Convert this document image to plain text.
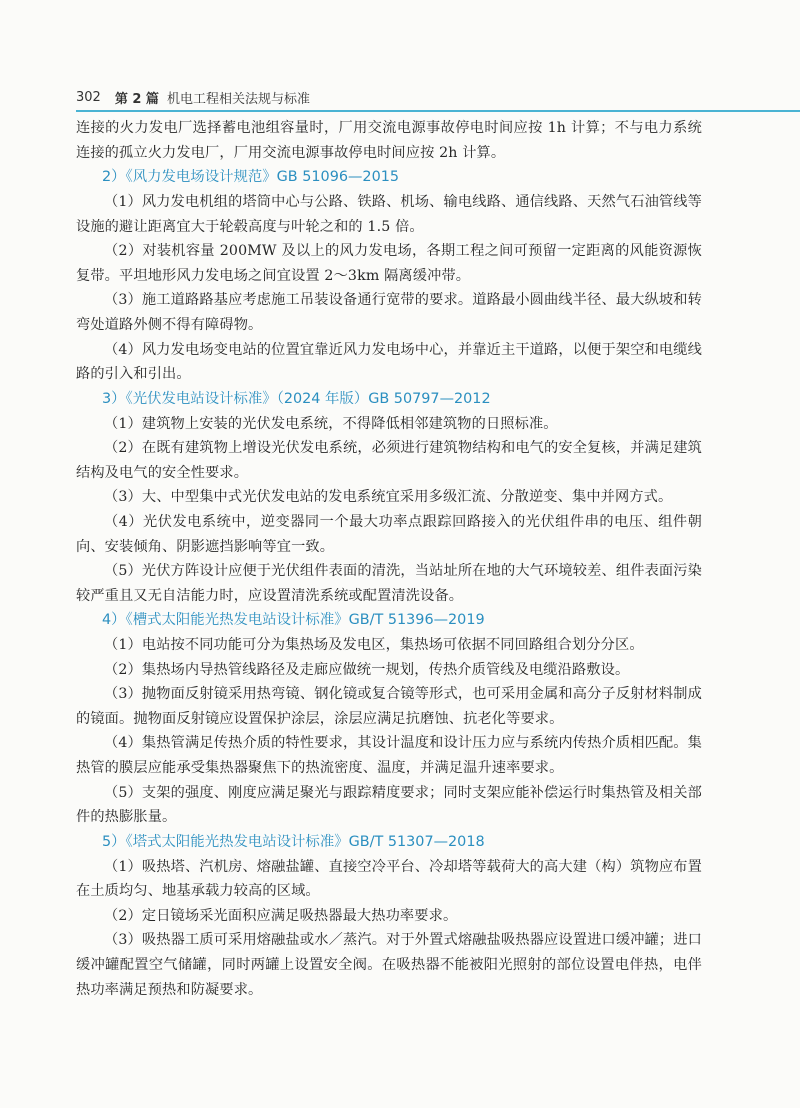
302 第 2 篇 机电工程相关法规与标准

连接的火力发电厂选择蓄电池组容量时，厂用交流电源事故停电时间应按 1h 计算；不与电力系统连接的孤立火力发电厂，厂用交流电源事故停电时间应按 2h 计算。

2）《风力发电场设计规范》GB 51096—2015

（1）风力发电机组的塔筒中心与公路、铁路、机场、输电线路、通信线路、天然气石油管线等设施的避让距离宜大于轮毂高度与叶轮之和的 1.5 倍。

（2）对装机容量 200MW 及以上的风力发电场，各期工程之间可预留一定距离的风能资源恢复带。平坦地形风力发电场之间宜设置 2～3km 隔离缓冲带。

（3）施工道路路基应考虑施工吊装设备通行宽带的要求。道路最小圆曲线半径、最大纵坡和转弯处道路外侧不得有障碍物。

（4）风力发电场变电站的位置宜靠近风力发电场中心，并靠近主干道路，以便于架空和电缆线路的引入和引出。

3）《光伏发电站设计标准》（2024 年版）GB 50797—2012

（1）建筑物上安装的光伏发电系统，不得降低相邻建筑物的日照标准。

（2）在既有建筑物上增设光伏发电系统，必须进行建筑物结构和电气的安全复核，并满足建筑结构及电气的安全性要求。

（3）大、中型集中式光伏发电站的发电系统宜采用多级汇流、分散逆变、集中并网方式。

（4）光伏发电系统中，逆变器同一个最大功率点跟踪回路接入的光伏组件串的电压、组件朝向、安装倾角、阴影遮挡影响等宜一致。

（5）光伏方阵设计应便于光伏组件表面的清洗，当站址所在地的大气环境较差、组件表面污染较严重且又无自洁能力时，应设置清洗系统或配置清洗设备。

4）《槽式太阳能光热发电站设计标准》GB/T 51396—2019

（1）电站按不同功能可分为集热场及发电区，集热场可依据不同回路组合划分分区。

（2）集热场内导热管线路径及走廊应做统一规划，传热介质管线及电缆沿路敷设。

（3）抛物面反射镜采用热弯镜、钢化镜或复合镜等形式，也可采用金属和高分子反射材料制成的镜面。抛物面反射镜应设置保护涂层，涂层应满足抗磨蚀、抗老化等要求。

（4）集热管满足传热介质的特性要求，其设计温度和设计压力应与系统内传热介质相匹配。集热管的膜层应能承受集热器聚焦下的热流密度、温度，并满足温升速率要求。

（5）支架的强度、刚度应满足聚光与跟踪精度要求；同时支架应能补偿运行时集热管及相关部件的热膨胀量。

5）《塔式太阳能光热发电站设计标准》GB/T 51307—2018

（1）吸热塔、汽机房、熔融盐罐、直接空冷平台、冷却塔等载荷大的高大建（构）筑物应布置在土质均匀、地基承载力较高的区域。

（2）定日镜场采光面积应满足吸热器最大热功率要求。

（3）吸热器工质可采用熔融盐或水／蒸汽。对于外置式熔融盐吸热器应设置进口缓冲罐；进口缓冲罐配置空气储罐，同时两罐上设置安全阀。在吸热器不能被阳光照射的部位设置电伴热，电伴热功率满足预热和防凝要求。
